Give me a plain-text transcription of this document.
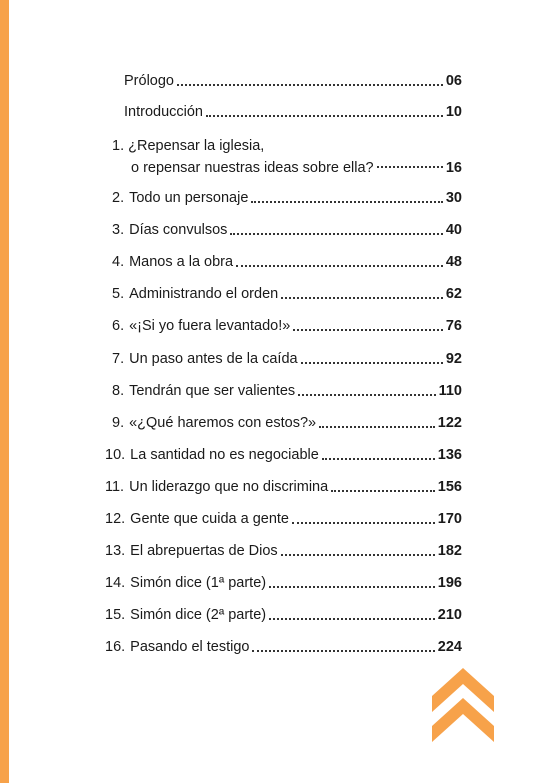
Prólogo	06
Introducción	10
1. ¿Repensar la iglesia,
o repensar nuestras ideas sobre ella?	16
2. Todo un personaje	30
3. Días convulsos	40
4. Manos a la obra	48
5. Administrando el orden	62
6. «¡Si yo fuera levantado!»	76
7. Un paso antes de la caída	92
8. Tendrán que ser valientes	110
9. «¿Qué haremos con estos?»	122
10. La santidad no es negociable	136
11. Un liderazgo que no discrimina	156
12. Gente que cuida a gente	170
13. El abrepuertas de Dios	182
14. Simón dice (1ª parte)	196
15. Simón dice (2ª parte)	210
16. Pasando el testigo	224
